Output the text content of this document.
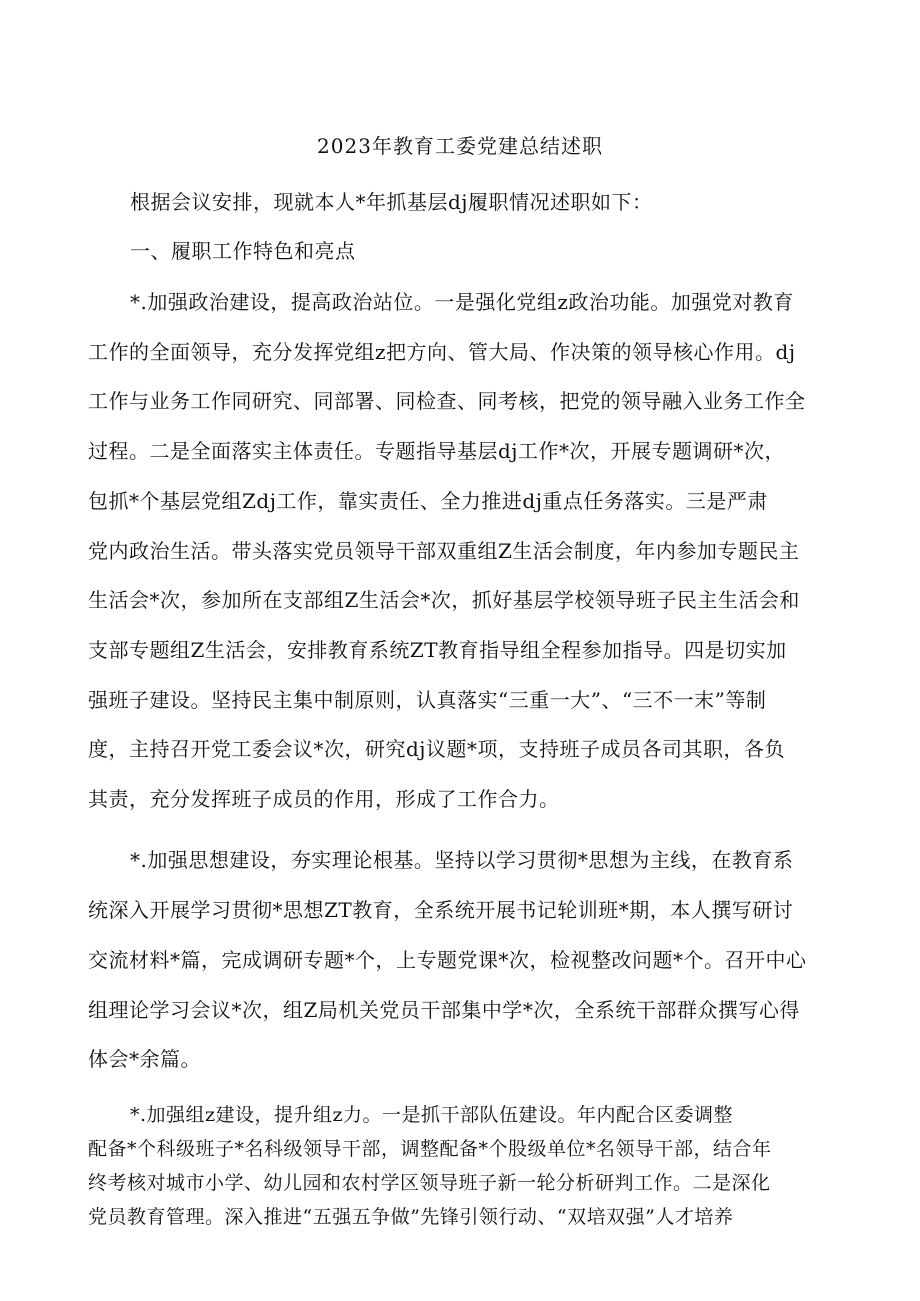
2023年教育工委党建总结述职
根据会议安排，现就本人*年抓基层dj履职情况述职如下：
一、履职工作特色和亮点
*.加强政治建设，提高政治站位。一是强化党组z政治功能。加强党对教育
工作的全面领导，充分发挥党组z把方向、管大局、作决策的领导核心作用。dj
工作与业务工作同研究、同部署、同检查、同考核，把党的领导融入业务工作全
过程。二是全面落实主体责任。专题指导基层dj工作*次，开展专题调研*次，
包抓*个基层党组Zdj工作，靠实责任、全力推进dj重点任务落实。三是严肃
党内政治生活。带头落实党员领导干部双重组Z生活会制度，年内参加专题民主
生活会*次，参加所在支部组Z生活会*次，抓好基层学校领导班子民主生活会和
支部专题组Z生活会，安排教育系统ZT教育指导组全程参加指导。四是切实加
强班子建设。坚持民主集中制原则，认真落实“三重一大”、“三不一末”等制
度，主持召开党工委会议*次，研究dj议题*项，支持班子成员各司其职，各负
其责，充分发挥班子成员的作用，形成了工作合力。
*.加强思想建设，夯实理论根基。坚持以学习贯彻*思想为主线，在教育系
统深入开展学习贯彻*思想ZT教育，全系统开展书记轮训班*期，本人撰写研讨
交流材料*篇，完成调研专题*个，上专题党课*次，检视整改问题*个。召开中心
组理论学习会议*次，组Z局机关党员干部集中学*次，全系统干部群众撰写心得
体会*余篇。
*.加强组z建设，提升组z力。一是抓干部队伍建设。年内配合区委调整
配备*个科级班子*名科级领导干部，调整配备*个股级单位*名领导干部，结合年
终考核对城市小学、幼儿园和农村学区领导班子新一轮分析研判工作。二是深化
党员教育管理。深入推进“五强五争做”先锋引领行动、“双培双强”人才培养
